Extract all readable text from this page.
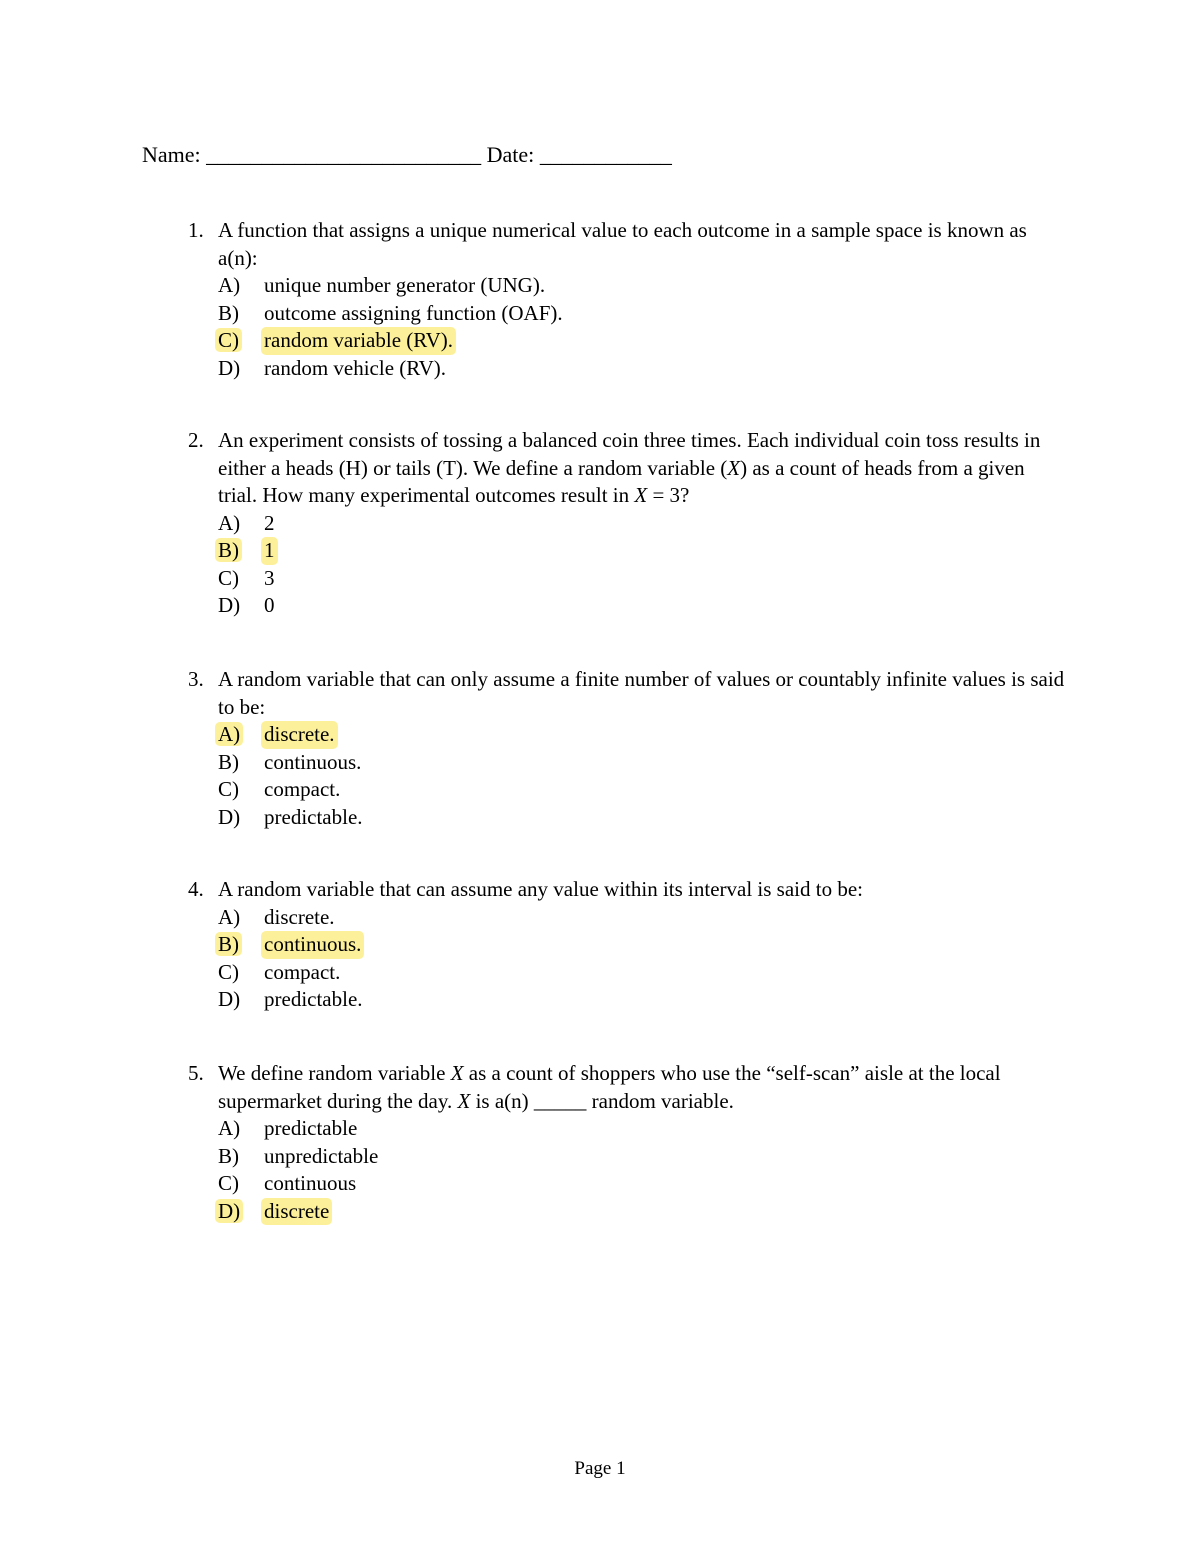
Name: _________________________ Date: ____________
1. A function that assigns a unique numerical value to each outcome in a sample space is known as a(n):
A)	unique number generator (UNG).
B)	outcome assigning function (OAF).
C)	random variable (RV).
D)	random vehicle (RV).
2. An experiment consists of tossing a balanced coin three times. Each individual coin toss results in either a heads (H) or tails (T). We define a random variable (X) as a count of heads from a given trial. How many experimental outcomes result in X = 3?
A)	2
B)	1
C)	3
D)	0
3. A random variable that can only assume a finite number of values or countably infinite values is said to be:
A)	discrete.
B)	continuous.
C)	compact.
D)	predictable.
4. A random variable that can assume any value within its interval is said to be:
A)	discrete.
B)	continuous.
C)	compact.
D)	predictable.
5. We define random variable X as a count of shoppers who use the “self-scan” aisle at the local supermarket during the day. X is a(n) _____ random variable.
A)	predictable
B)	unpredictable
C)	continuous
D)	discrete
Page 1
